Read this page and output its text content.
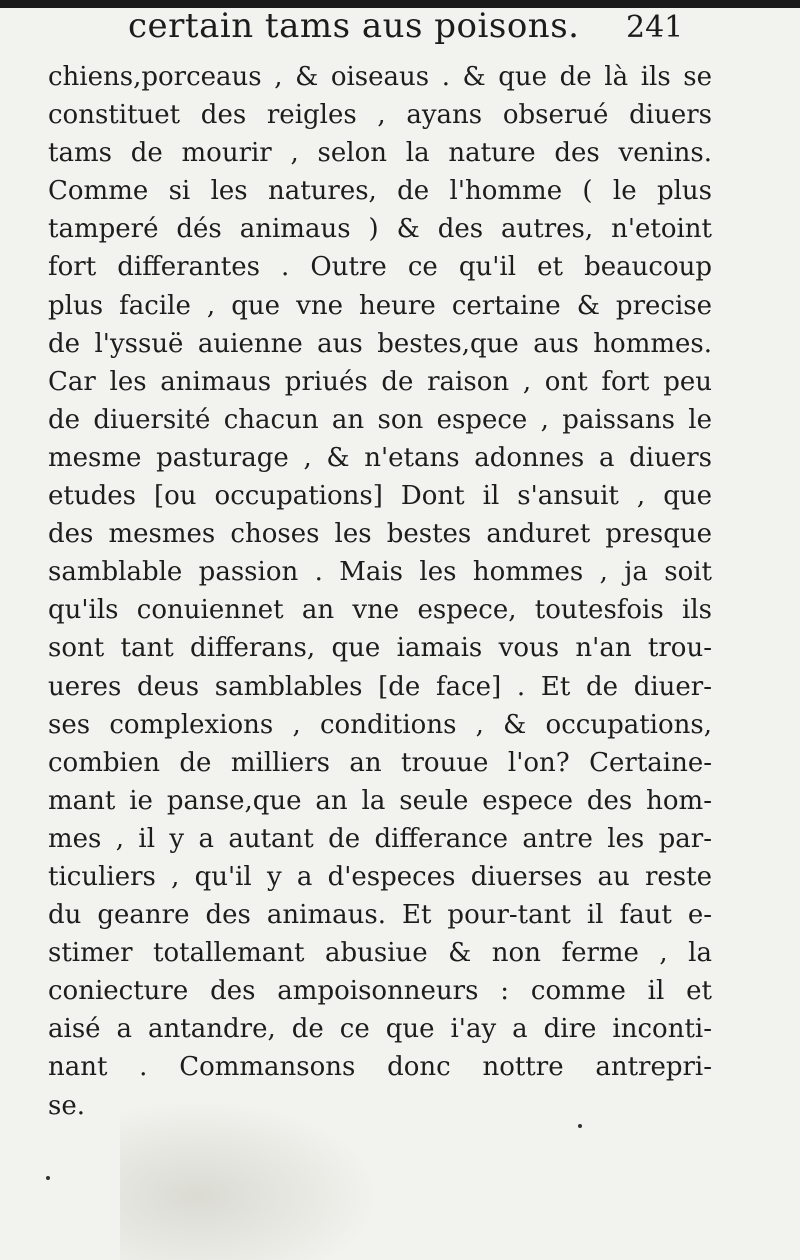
certain tams aus poisons. 241
chiens,porceaus , & oiseaus . & que de là ils se
constituet des reigles , ayans obserué diuers
tams de mourir , selon la nature des venins.
Comme si les natures, de l'homme ( le plus
tamperé dés animaus ) & des autres, n'etoint
fort differantes . Outre ce qu'il et beaucoup
plus facile , que vne heure certaine & precise
de l'yssuë auienne aus bestes,que aus hommes.
Car les animaus priués de raison , ont fort peu
de diuersité chacun an son espece , paissans le
mesme pasturage , & n'etans adonnes a diuers
etudes [ou occupations] Dont il s'ansuit , que
des mesmes choses les bestes anduret presque
samblable passion . Mais les hommes , ja soit
qu'ils conuiennet an vne espece, toutesfois ils
sont tant differans, que iamais vous n'an trou-
ueres deus samblables [de face] . Et de diuer-
ses complexions , conditions , & occupations,
combien de milliers an trouue l'on? Certaine-
mant ie panse,que an la seule espece des hom-
mes , il y a autant de differance antre les par-
ticuliers , qu'il y a d'especes diuerses au reste
du geanre des animaus. Et pour-tant il faut e-
stimer totallemant abusiue & non ferme , la
coniecture des ampoisonneurs : comme il et
aisé a antandre, de ce que i'ay a dire inconti-
nant . Commansons donc nottre antrepri-
se.
